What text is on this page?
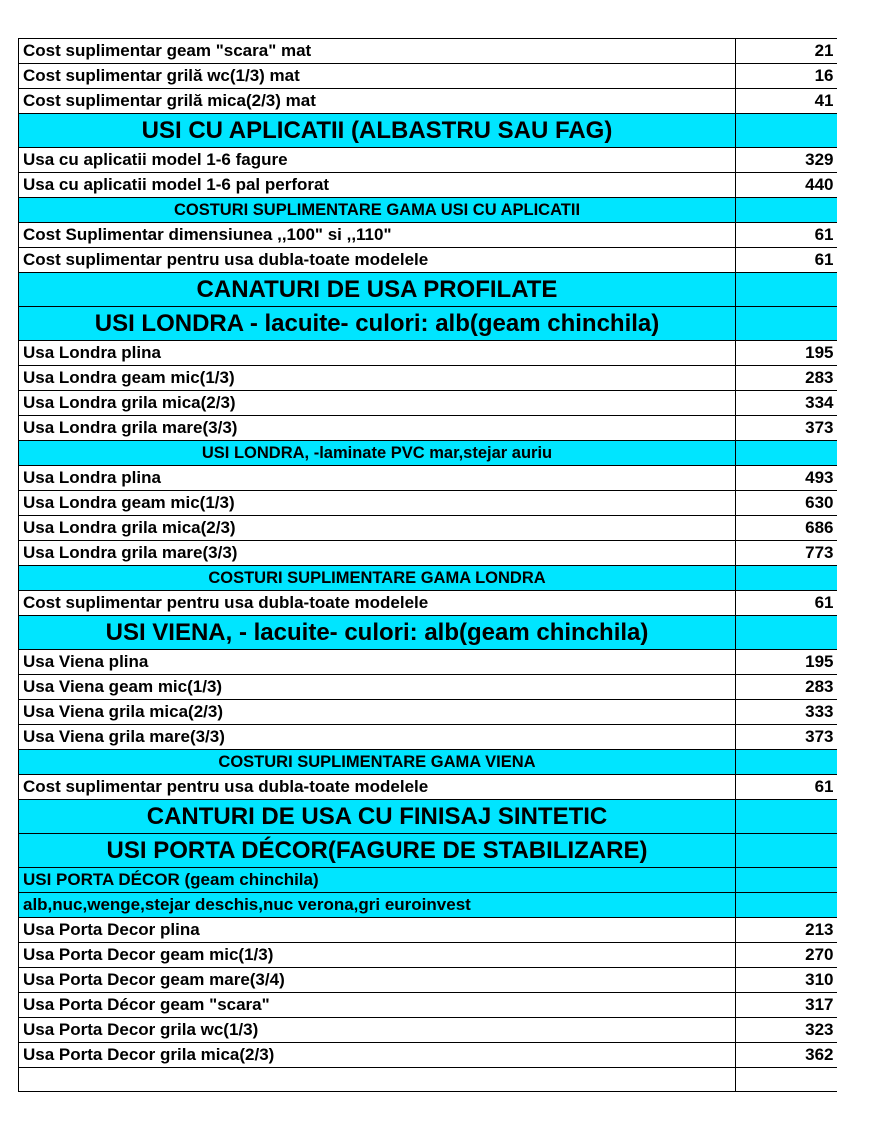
Cost suplimentar geam "scara" mat	21
Cost suplimentar grilă wc(1/3) mat	16
Cost suplimentar grilă mica(2/3) mat	41
USI CU APLICATII (ALBASTRU SAU FAG)	
Usa cu aplicatii model 1-6 fagure	329
Usa cu aplicatii model 1-6 pal perforat	440
COSTURI SUPLIMENTARE GAMA USI CU APLICATII	
Cost Suplimentar dimensiunea ,,100" si ,,110"	61
Cost suplimentar pentru usa dubla-toate modelele	61
CANATURI DE USA PROFILATE	
USI LONDRA - lacuite- culori: alb(geam chinchila)	
Usa Londra plina	195
Usa Londra geam mic(1/3)	283
Usa Londra grila mica(2/3)	334
Usa Londra grila mare(3/3)	373
USI LONDRA, -laminate PVC mar,stejar auriu	
Usa Londra plina	493
Usa Londra geam mic(1/3)	630
Usa Londra grila mica(2/3)	686
Usa Londra grila mare(3/3)	773
COSTURI SUPLIMENTARE GAMA LONDRA	
Cost suplimentar pentru usa dubla-toate modelele	61
USI VIENA, - lacuite- culori: alb(geam chinchila)	
Usa Viena plina	195
Usa Viena geam mic(1/3)	283
Usa Viena grila mica(2/3)	333
Usa Viena grila mare(3/3)	373
COSTURI SUPLIMENTARE GAMA VIENA	
Cost suplimentar pentru usa dubla-toate modelele	61
CANTURI DE USA CU FINISAJ SINTETIC	
USI PORTA DÉCOR(FAGURE DE STABILIZARE)	
USI PORTA DÉCOR (geam chinchila)	
alb,nuc,wenge,stejar deschis,nuc verona,gri euroinvest	
Usa Porta Decor plina	213
Usa Porta Decor geam mic(1/3)	270
Usa Porta Decor geam mare(3/4)	310
Usa Porta Décor geam "scara"	317
Usa Porta Decor grila wc(1/3)	323
Usa Porta Decor grila mica(2/3)	362
